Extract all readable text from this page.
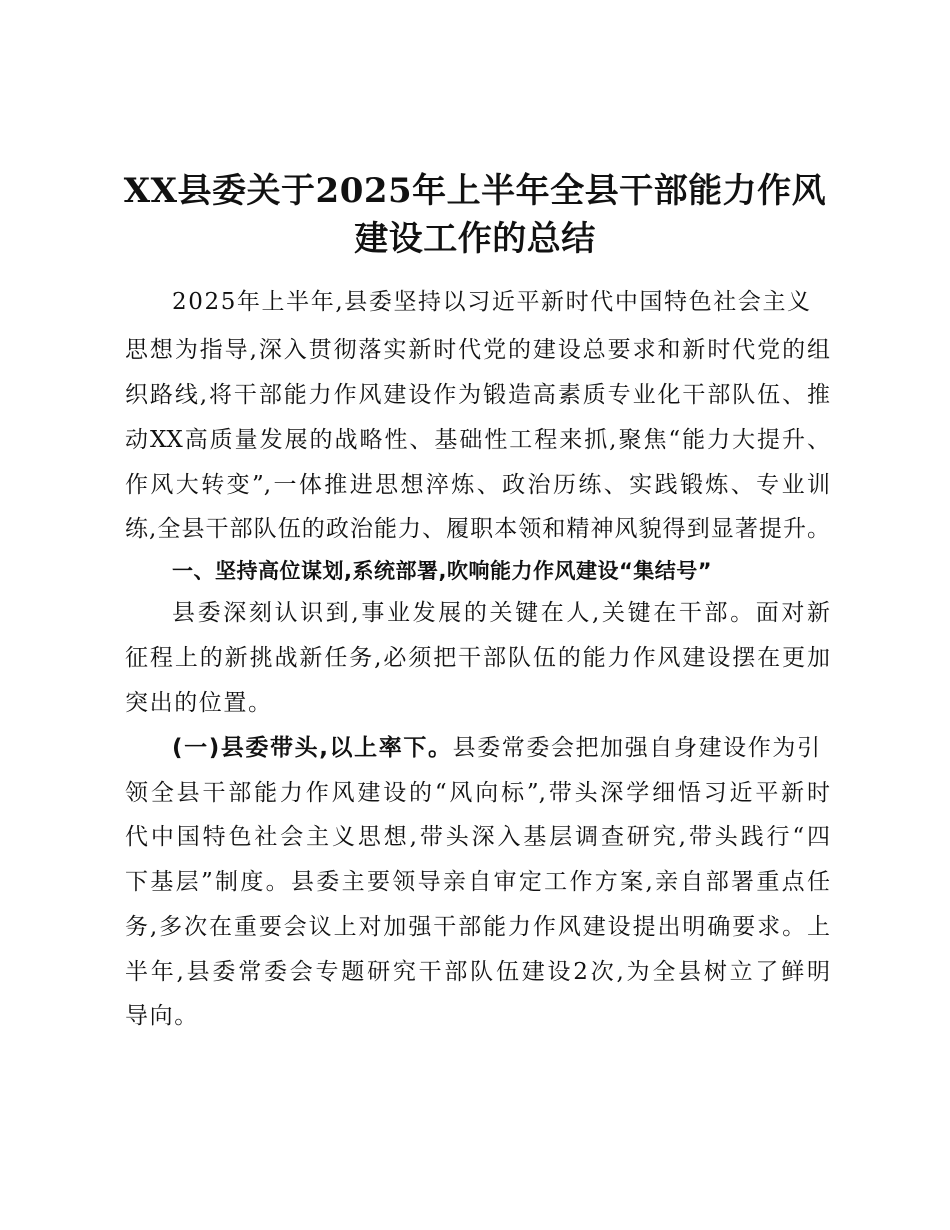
XX县委关于2025年上半年全县干部能力作风
建设工作的总结
2025年上半年,县委坚持以习近平新时代中国特色社会主义
思想为指导,深入贯彻落实新时代党的建设总要求和新时代党的组
织路线,将干部能力作风建设作为锻造高素质专业化干部队伍、推
动XX高质量发展的战略性、基础性工程来抓,聚焦“能力大提升、
作风大转变”,一体推进思想淬炼、政治历练、实践锻炼、专业训
练,全县干部队伍的政治能力、履职本领和精神风貌得到显著提升。
一、坚持高位谋划,系统部署,吹响能力作风建设“集结号”
县委深刻认识到,事业发展的关键在人,关键在干部。面对新
征程上的新挑战新任务,必须把干部队伍的能力作风建设摆在更加
突出的位置。
(一)县委带头,以上率下。县委常委会把加强自身建设作为引
领全县干部能力作风建设的“风向标”,带头深学细悟习近平新时
代中国特色社会主义思想,带头深入基层调查研究,带头践行“四
下基层”制度。县委主要领导亲自审定工作方案,亲自部署重点任
务,多次在重要会议上对加强干部能力作风建设提出明确要求。上
半年,县委常委会专题研究干部队伍建设2次,为全县树立了鲜明
导向。
